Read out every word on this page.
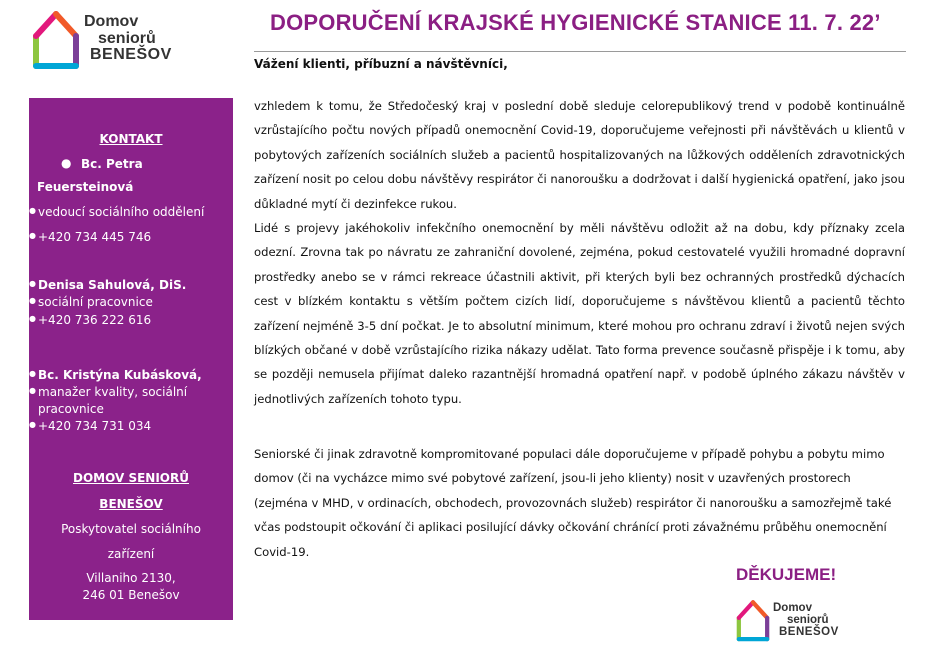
Domov
seniorů
BENEŠOV
DOPORUČENÍ KRAJSKÉ HYGIENICKÉ STANICE 11. 7. 22’
Vážení klienti, příbuzní a návštěvníci,
KONTAKT
● Bc. Petra
Feuersteinová
● vedoucí sociálního oddělení
● +420 734 445 746
● Denisa Sahulová, DiS.
● sociální pracovnice
● +420 736 222 616
● Bc. Kristýna Kubásková,
● manažer kvality, sociální
pracovnice
● +420 734 731 034
DOMOV SENIORŮ
BENEŠOV
Poskytovatel sociálního
zařízení
Villaniho 2130,
246 01 Benešov
vzhledem k tomu, že Středočeský kraj v poslední době sleduje celorepublikový trend v podobě kontinuálně vzrůstajícího počtu nových případů onemocnění Covid-19, doporučujeme veřejnosti při návštěvách u klientů v pobytových zařízeních sociálních služeb a pacientů hospitalizovaných na lůžkových odděleních zdravotnických zařízení nosit po celou dobu návštěvy respirátor či nanoroušku a dodržovat i další hygienická opatření, jako jsou důkladné mytí či dezinfekce rukou.
Lidé s projevy jakéhokoliv infekčního onemocnění by měli návštěvu odložit až na dobu, kdy příznaky zcela odezní. Zrovna tak po návratu ze zahraniční dovolené, zejména, pokud cestovatelé využili hromadné dopravní prostředky anebo se v rámci rekreace účastnili aktivit, při kterých byli bez ochranných prostředků dýchacích cest v blízkém kontaktu s větším počtem cizích lidí, doporučujeme s návštěvou klientů a pacientů těchto zařízení nejméně 3-5 dní počkat. Je to absolutní minimum, které mohou pro ochranu zdraví i životů nejen svých blízkých občané v době vzrůstajícího rizika nákazy udělat. Tato forma prevence současně přispěje i k tomu, aby se později nemusela přijímat daleko razantnější hromadná opatření např. v podobě úplného zákazu návštěv v jednotlivých zařízeních tohoto typu.
Seniorské či jinak zdravotně kompromitované populaci dále doporučujeme v případě pohybu a pobytu mimo domov (či na vycházce mimo své pobytové zařízení, jsou-li jeho klienty) nosit v uzavřených prostorech (zejména v MHD, v ordinacích, obchodech, provozovnách služeb) respirátor či nanoroušku a samozřejmě také včas podstoupit očkování či aplikaci posilující dávky očkování chránící proti závažnému průběhu onemocnění Covid-19.
DĚKUJEME!
Domov
seniorů
BENEŠOV
